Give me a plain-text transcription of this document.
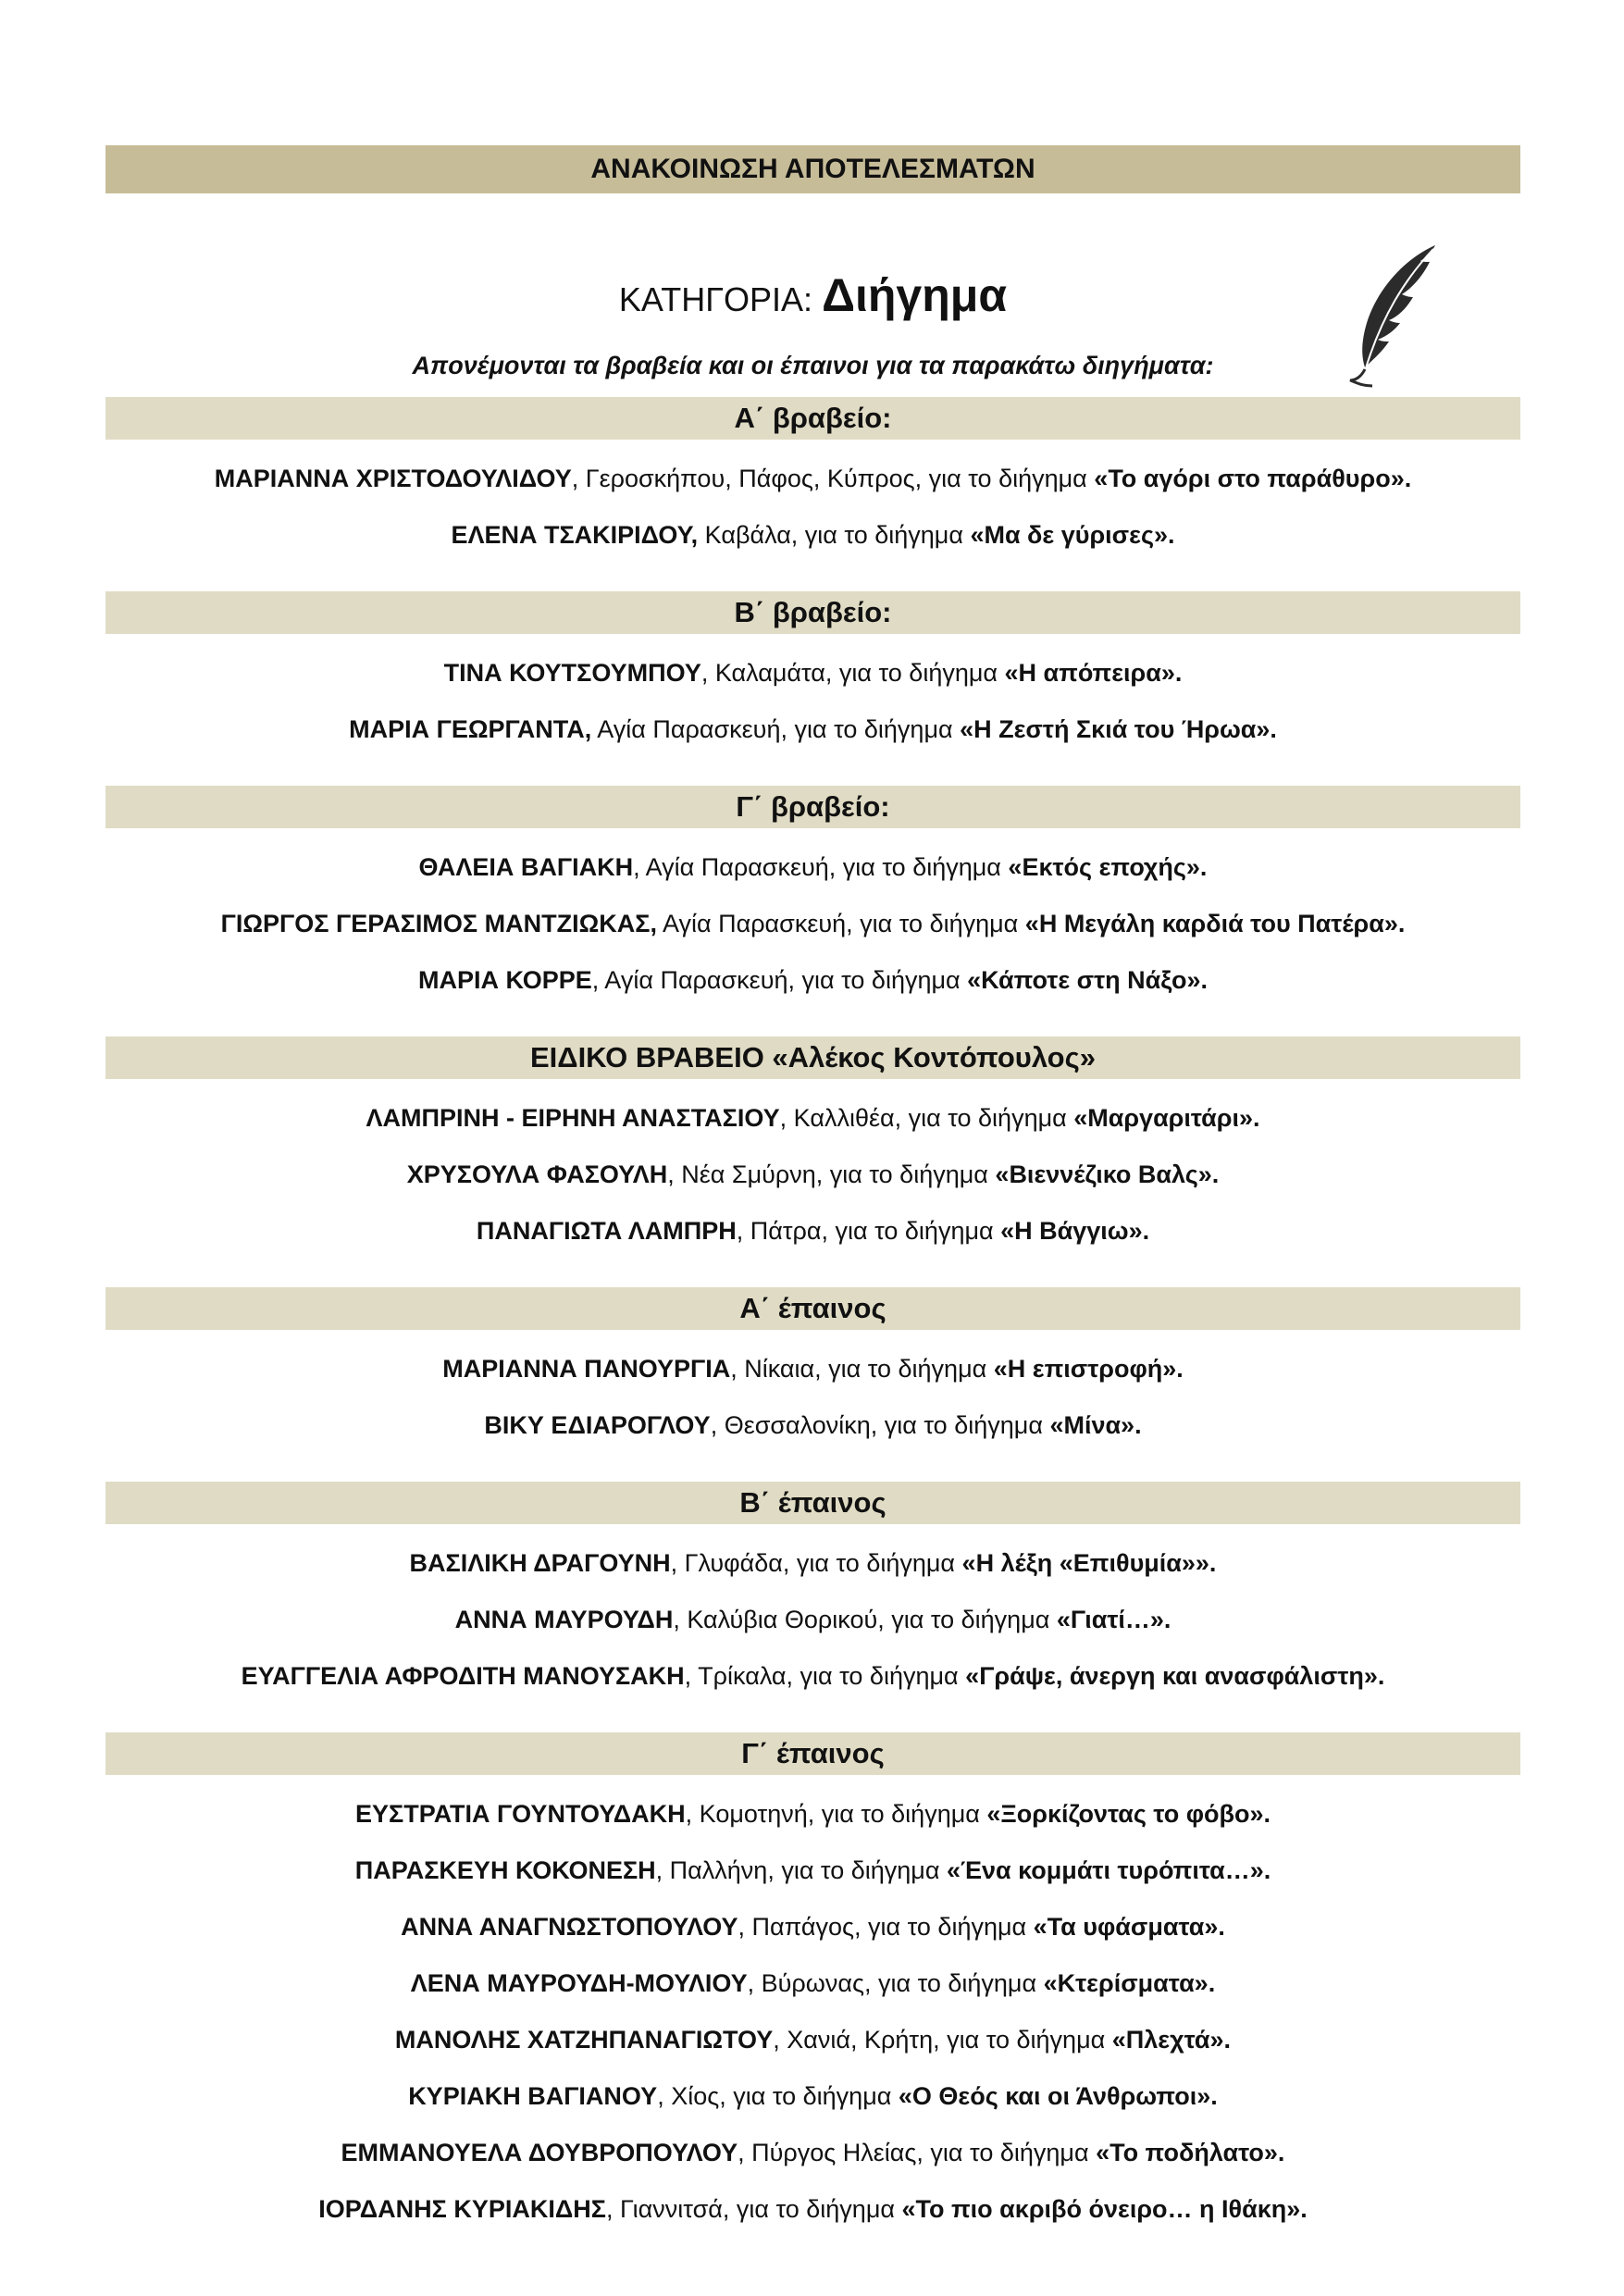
ΑΝΑΚΟΙΝΩΣΗ ΑΠΟΤΕΛΕΣΜΑΤΩΝ
ΚΑΤΗΓΟΡΙΑ: Διήγημα
Απονέμονται τα βραβεία και οι έπαινοι για τα παρακάτω διηγήματα:
Α΄ βραβείο:
ΜΑΡΙΑΝΝΑ ΧΡΙΣΤΟΔΟΥΛΙΔΟΥ, Γεροσκήπου, Πάφος, Κύπρος, για το διήγημα «Το αγόρι στο παράθυρο».
ΕΛΕΝΑ ΤΣΑΚΙΡΙΔΟΥ, Καβάλα, για το διήγημα «Μα δε γύρισες».
Β΄ βραβείο:
ΤΙΝΑ ΚΟΥΤΣΟΥΜΠΟΥ, Καλαμάτα, για το διήγημα «Η απόπειρα».
ΜΑΡΙΑ ΓΕΩΡΓΑΝΤΑ, Αγία Παρασκευή, για το διήγημα «Η Ζεστή Σκιά του Ήρωα».
Γ΄ βραβείο:
ΘΑΛΕΙΑ ΒΑΓΙΑΚΗ, Αγία Παρασκευή, για το διήγημα «Εκτός εποχής».
ΓΙΩΡΓΟΣ ΓΕΡΑΣΙΜΟΣ ΜΑΝΤΖΙΩΚΑΣ, Αγία Παρασκευή, για το διήγημα «Η Μεγάλη καρδιά του Πατέρα».
ΜΑΡΙΑ ΚΟΡΡΕ, Αγία Παρασκευή, για το διήγημα «Κάποτε στη Νάξο».
ΕΙΔΙΚΟ ΒΡΑΒΕΙΟ «Αλέκος Κοντόπουλος»
ΛΑΜΠΡΙΝΗ - ΕΙΡΗΝΗ ΑΝΑΣΤΑΣΙΟΥ, Καλλιθέα, για το διήγημα «Μαργαριτάρι».
ΧΡΥΣΟΥΛΑ ΦΑΣΟΥΛΗ, Νέα Σμύρνη, για το διήγημα «Βιεννέζικο Βαλς».
ΠΑΝΑΓΙΩΤΑ ΛΑΜΠΡΗ, Πάτρα, για το διήγημα «Η Βάγγιω».
Α΄ έπαινος
ΜΑΡΙΑΝΝΑ ΠΑΝΟΥΡΓΙΑ, Νίκαια, για το διήγημα «Η επιστροφή».
ΒΙΚΥ ΕΔΙΑΡΟΓΛΟΥ, Θεσσαλονίκη, για το διήγημα «Μίνα».
Β΄ έπαινος
ΒΑΣΙΛΙΚΗ ΔΡΑΓΟΥΝΗ, Γλυφάδα, για το διήγημα «Η λέξη «Επιθυμία»».
ΑΝΝΑ ΜΑΥΡΟΥΔΗ, Καλύβια Θορικού, για το διήγημα «Γιατί…».
ΕΥΑΓΓΕΛΙΑ ΑΦΡΟΔΙΤΗ ΜΑΝΟΥΣΑΚΗ, Τρίκαλα, για το διήγημα «Γράψε, άνεργη και ανασφάλιστη».
Γ΄ έπαινος
ΕΥΣΤΡΑΤΙΑ ΓΟΥΝΤΟΥΔΑΚΗ, Κομοτηνή, για το διήγημα «Ξορκίζοντας το φόβο».
ΠΑΡΑΣΚΕΥΗ ΚΟΚΟΝΕΣΗ, Παλλήνη, για το διήγημα «Ένα κομμάτι τυρόπιτα…».
ΑΝΝΑ ΑΝΑΓΝΩΣΤΟΠΟΥΛΟΥ, Παπάγος, για το διήγημα «Τα υφάσματα».
ΛΕΝΑ ΜΑΥΡΟΥΔΗ-ΜΟΥΛΙΟΥ, Βύρωνας, για το διήγημα «Κτερίσματα».
ΜΑΝΟΛΗΣ ΧΑΤΖΗΠΑΝΑΓΙΩΤΟΥ, Χανιά, Κρήτη, για το διήγημα «Πλεχτά».
ΚΥΡΙΑΚΗ ΒΑΓΙΑΝΟΥ, Χίος, για το διήγημα «Ο Θεός και οι Άνθρωποι».
ΕΜΜΑΝΟΥΕΛΑ ΔΟΥΒΡΟΠΟΥΛΟΥ, Πύργος Ηλείας, για το διήγημα «Το ποδήλατο».
ΙΟΡΔΑΝΗΣ ΚΥΡΙΑΚΙΔΗΣ, Γιαννιτσά, για το διήγημα «Το πιο ακριβό όνειρο… η Ιθάκη».
